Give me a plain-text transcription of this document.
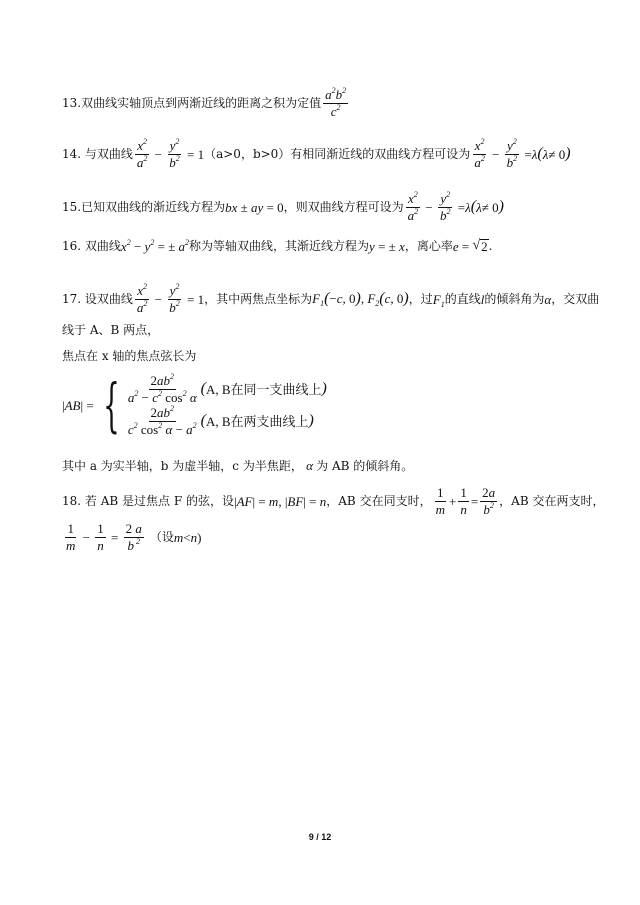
13.双曲线实轴顶点到两渐近线的距离之积为定值 $\frac{a^2b^2}{c^2}$
14. 与双曲线 $\frac{x^2}{a^2} - \frac{y^2}{b^2} = 1$ （a>0，b>0）有相同渐近线的双曲线方程可设为 $\frac{x^2}{a^2} - \frac{y^2}{b^2} = \lambda$ ( λ ≠ 0 )
15.已知双曲线的渐近线方程为 bx ± ay = 0 ，则双曲线方程可设为 $\frac{x^2}{a^2} - \frac{y^2}{b^2} = \lambda$ ( λ ≠ 0 )
16. 双曲线 $x^2 - y^2$ = ± $a^2$ 称为等轴双曲线，其渐近线方程为 y = ± x ，离心率 e = √ 2 .
17. 设双曲线 $\frac{x^2}{a^2} - \frac{y^2}{b^2} = 1$ ，其中两焦点坐标为 $F_1(-c$, 0), $F_2(c$, 0) ，过 $F_1$ 的直线 l 的倾斜角为 α ，交双曲
线于 A、B 两点，
焦点在 x 轴的焦点弦长为
| AB | = { $\frac{2ab^2}{a^2 - c^2 \cos^2 \alpha}$ ( A, B在同一支曲线上 )
$\frac{2ab^2}{c^2 \cos^2 \alpha - a^2}$ ( A, B在两支曲线上 )
其中 a 为实半轴，b 为虚半轴，c 为半焦距， α 为 AB 的倾斜角。
18. 若 AB 是过焦点 F 的弦，设 |AF| = m, |BF| = n ，AB 交在同支时， $\frac{1}{m} + \frac{1}{n} = \frac{2a}{b^2}$ ，AB 交在两支时，
$\frac{1}{m} - \frac{1}{n} = \frac{2 a}{b ^2}$ （设 m<n)
9 / 12
